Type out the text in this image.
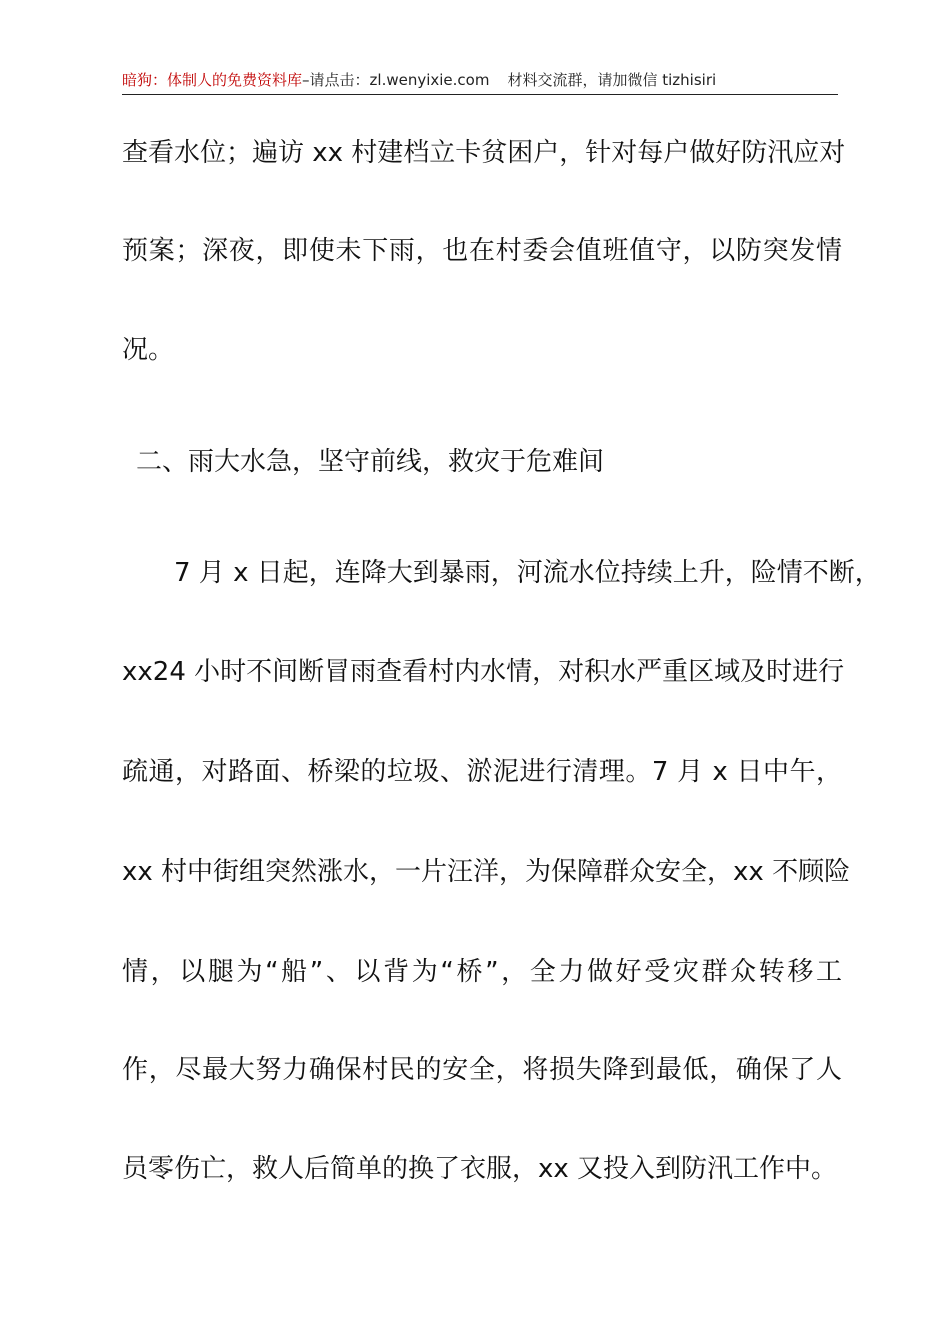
暗狗：体制人的免费资料库–请点击：zl.wenyixie.com 材料交流群，请加微信 tizhisiri
查看水位；遍访 xx 村建档立卡贫困户，针对每户做好防汛应对
预案；深夜，即使未下雨，也在村委会值班值守，以防突发情
况。
二、雨大水急，坚守前线，救灾于危难间
7 月 x 日起，连降大到暴雨，河流水位持续上升，险情不断，
xx24 小时不间断冒雨查看村内水情，对积水严重区域及时进行
疏通，对路面、桥梁的垃圾、淤泥进行清理。7 月 x 日中午，
xx 村中街组突然涨水，一片汪洋，为保障群众安全，xx 不顾险
情，以腿为“船”、以背为“桥”，全力做好受灾群众转移工
作，尽最大努力确保村民的安全，将损失降到最低，确保了人
员零伤亡，救人后简单的换了衣服，xx 又投入到防汛工作中。
